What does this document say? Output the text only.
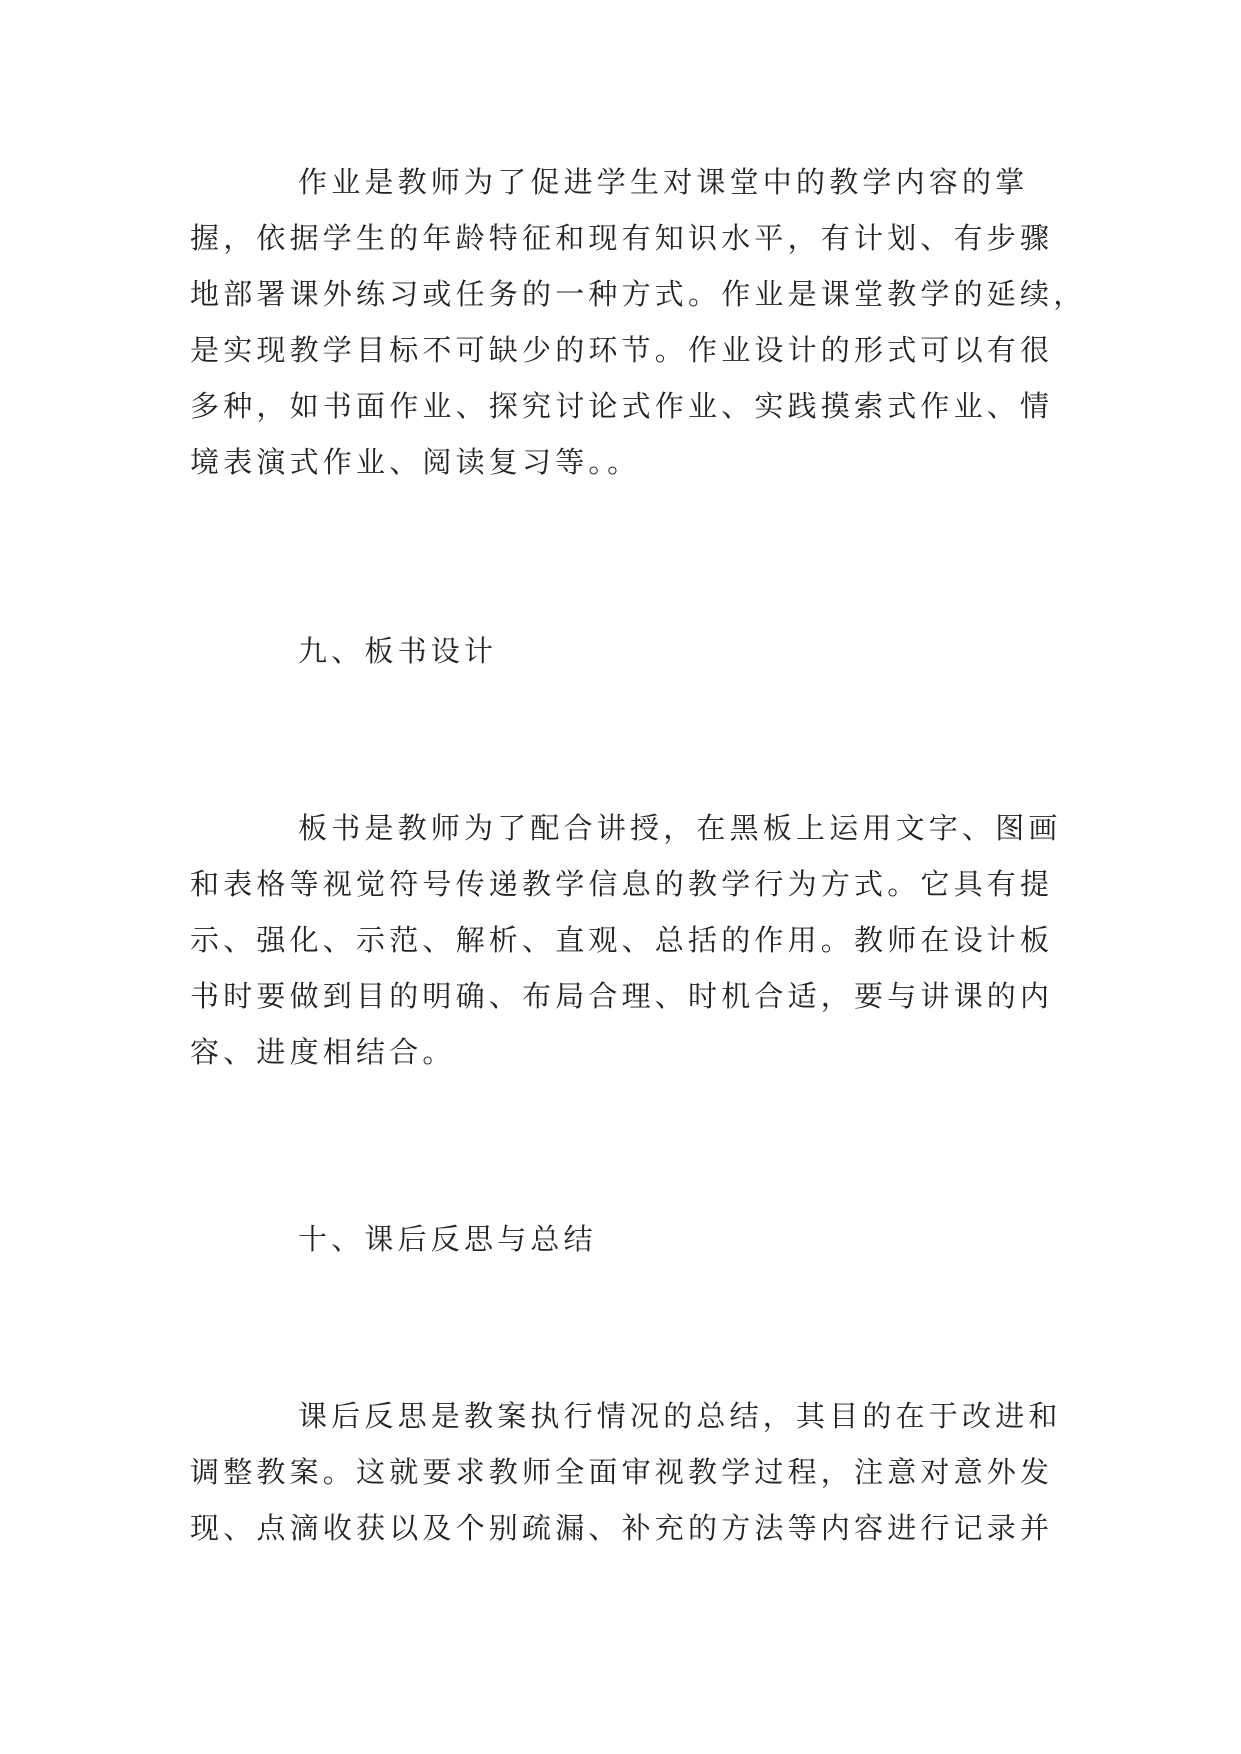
作业是教师为了促进学生对课堂中的教学内容的掌
握，依据学生的年龄特征和现有知识水平，有计划、有步骤
地部署课外练习或任务的一种方式。作业是课堂教学的延续，
是实现教学目标不可缺少的环节。作业设计的形式可以有很
多种，如书面作业、探究讨论式作业、实践摸索式作业、情
境表演式作业、阅读复习等。。
九、板书设计
板书是教师为了配合讲授，在黑板上运用文字、图画
和表格等视觉符号传递教学信息的教学行为方式。它具有提
示、强化、示范、解析、直观、总括的作用。教师在设计板
书时要做到目的明确、布局合理、时机合适，要与讲课的内
容、进度相结合。
十、课后反思与总结
课后反思是教案执行情况的总结，其目的在于改进和
调整教案。这就要求教师全面审视教学过程，注意对意外发
现、点滴收获以及个别疏漏、补充的方法等内容进行记录并
